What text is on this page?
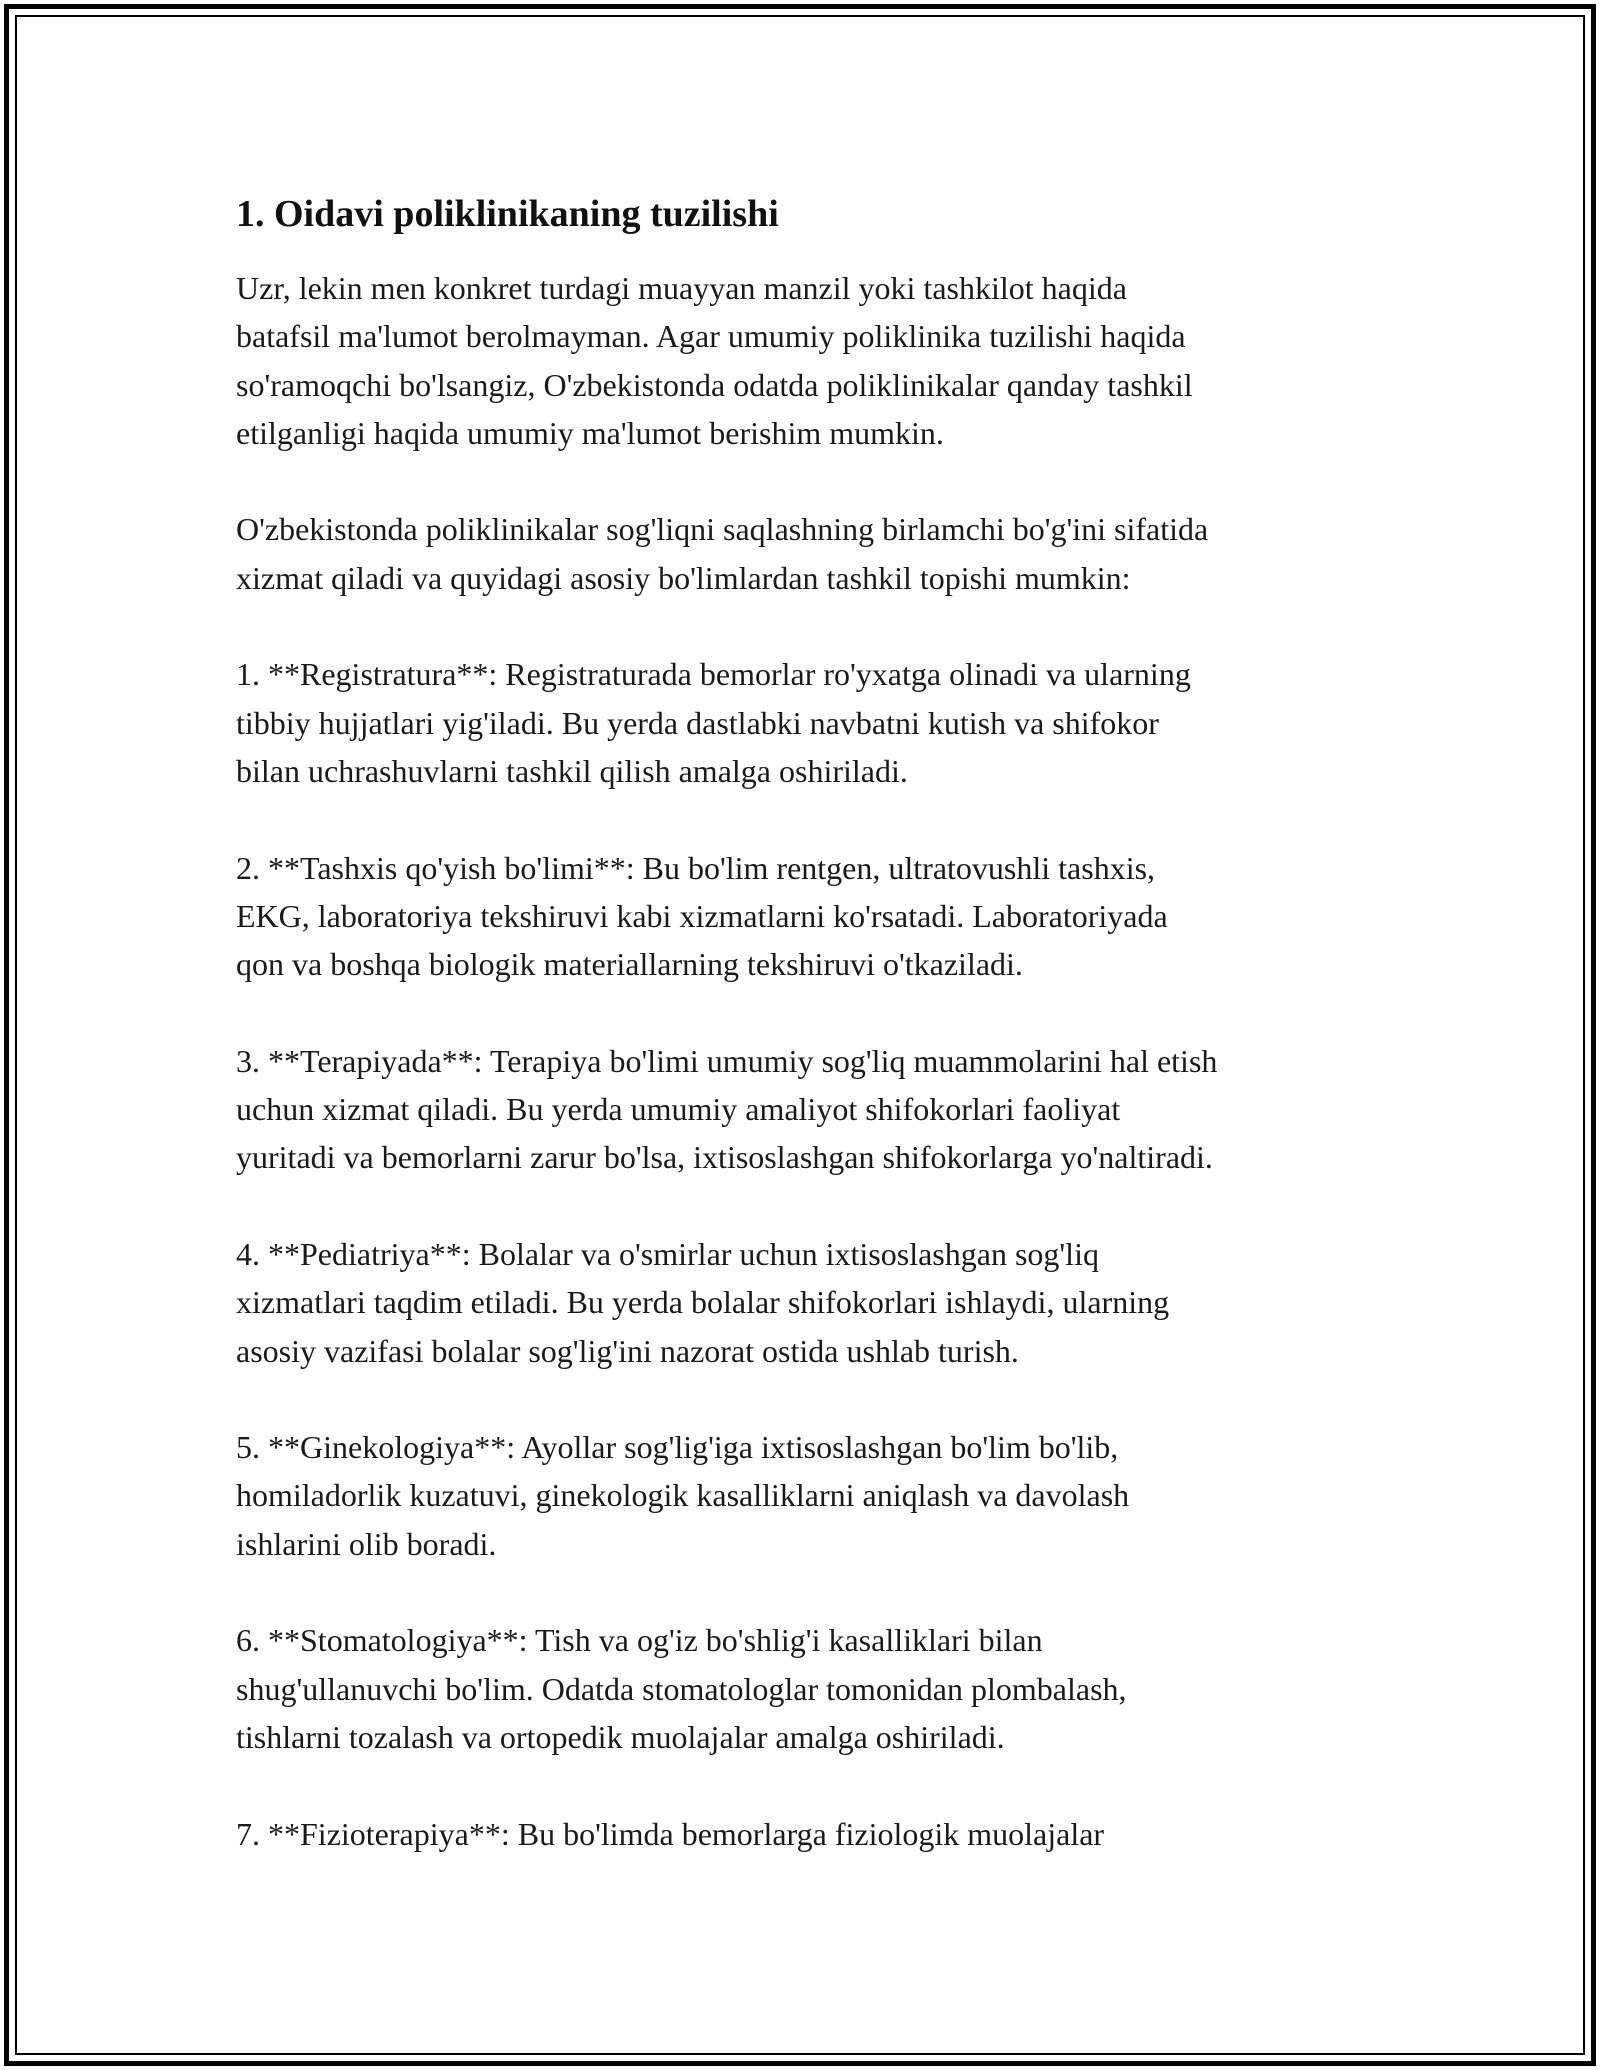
1. Oidavi poliklinikaning tuzilishi

Uzr, lekin men konkret turdagi muayyan manzil yoki tashkilot haqida
batafsil ma'lumot berolmayman. Agar umumiy poliklinika tuzilishi haqida
so'ramoqchi bo'lsangiz, O'zbekistonda odatda poliklinikalar qanday tashkil
etilganligi haqida umumiy ma'lumot berishim mumkin.

O'zbekistonda poliklinikalar sog'liqni saqlashning birlamchi bo'g'ini sifatida
xizmat qiladi va quyidagi asosiy bo'limlardan tashkil topishi mumkin:

1. **Registratura**: Registraturada bemorlar ro'yxatga olinadi va ularning
tibbiy hujjatlari yig'iladi. Bu yerda dastlabki navbatni kutish va shifokor
bilan uchrashuvlarni tashkil qilish amalga oshiriladi.

2. **Tashxis qo'yish bo'limi**: Bu bo'lim rentgen, ultratovushli tashxis,
EKG, laboratoriya tekshiruvi kabi xizmatlarni ko'rsatadi. Laboratoriyada
qon va boshqa biologik materiallarning tekshiruvi o'tkaziladi.

3. **Terapiyada**: Terapiya bo'limi umumiy sog'liq muammolarini hal etish
uchun xizmat qiladi. Bu yerda umumiy amaliyot shifokorlari faoliyat
yuritadi va bemorlarni zarur bo'lsa, ixtisoslashgan shifokorlarga yo'naltiradi.

4. **Pediatriya**: Bolalar va o'smirlar uchun ixtisoslashgan sog'liq
xizmatlari taqdim etiladi. Bu yerda bolalar shifokorlari ishlaydi, ularning
asosiy vazifasi bolalar sog'lig'ini nazorat ostida ushlab turish.

5. **Ginekologiya**: Ayollar sog'lig'iga ixtisoslashgan bo'lim bo'lib,
homiladorlik kuzatuvi, ginekologik kasalliklarni aniqlash va davolash
ishlarini olib boradi.

6. **Stomatologiya**: Tish va og'iz bo'shlig'i kasalliklari bilan
shug'ullanuvchi bo'lim. Odatda stomatologlar tomonidan plombalash,
tishlarni tozalash va ortopedik muolajalar amalga oshiriladi.

7. **Fizioterapiya**: Bu bo'limda bemorlarga fiziologik muolajalar
